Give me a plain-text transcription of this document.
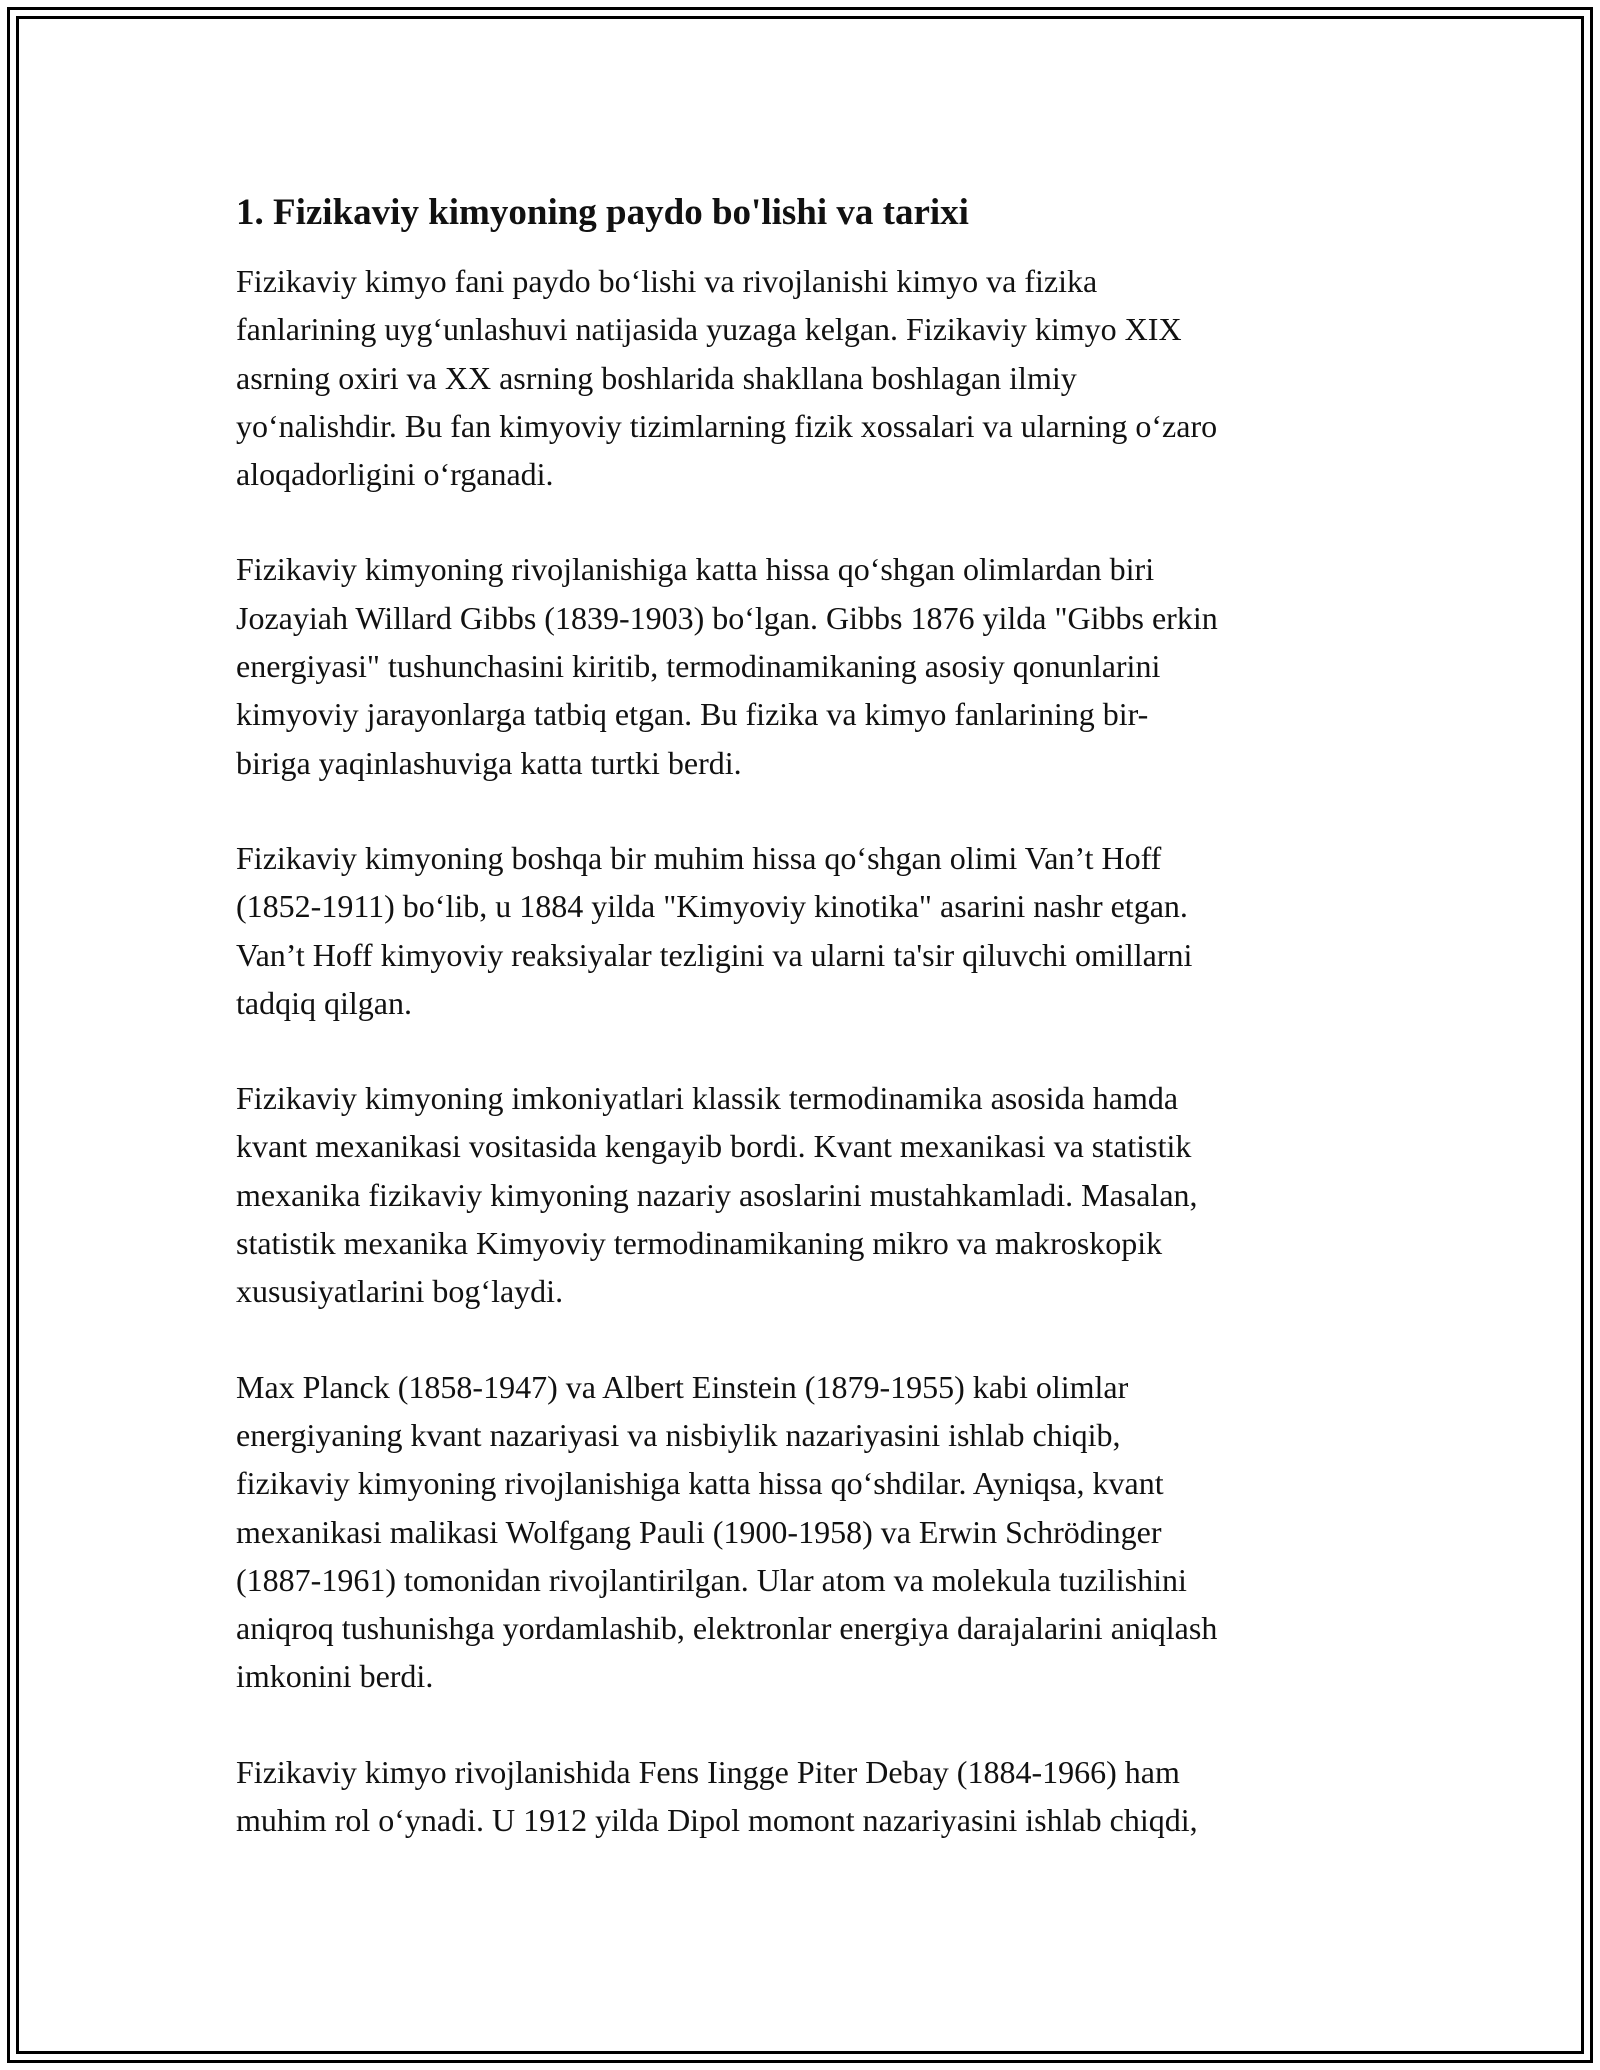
1. Fizikaviy kimyoning paydo bo'lishi va tarixi

Fizikaviy kimyo fani paydo bo‘lishi va rivojlanishi kimyo va fizika
fanlarining uyg‘unlashuvi natijasida yuzaga kelgan. Fizikaviy kimyo XIX
asrning oxiri va XX asrning boshlarida shakllana boshlagan ilmiy
yo‘nalishdir. Bu fan kimyoviy tizimlarning fizik xossalari va ularning o‘zaro
aloqadorligini o‘rganadi.

Fizikaviy kimyoning rivojlanishiga katta hissa qo‘shgan olimlardan biri
Jozayiah Willard Gibbs (1839-1903) bo‘lgan. Gibbs 1876 yilda "Gibbs erkin
energiyasi" tushunchasini kiritib, termodinamikaning asosiy qonunlarini
kimyoviy jarayonlarga tatbiq etgan. Bu fizika va kimyo fanlarining bir-
biriga yaqinlashuviga katta turtki berdi.

Fizikaviy kimyoning boshqa bir muhim hissa qo‘shgan olimi Van’t Hoff
(1852-1911) bo‘lib, u 1884 yilda "Kimyoviy kinotika" asarini nashr etgan.
Van’t Hoff kimyoviy reaksiyalar tezligini va ularni ta'sir qiluvchi omillarni
tadqiq qilgan.

Fizikaviy kimyoning imkoniyatlari klassik termodinamika asosida hamda
kvant mexanikasi vositasida kengayib bordi. Kvant mexanikasi va statistik
mexanika fizikaviy kimyoning nazariy asoslarini mustahkamladi. Masalan,
statistik mexanika Kimyoviy termodinamikaning mikro va makroskopik
xususiyatlarini bog‘laydi.

Max Planck (1858-1947) va Albert Einstein (1879-1955) kabi olimlar
energiyaning kvant nazariyasi va nisbiylik nazariyasini ishlab chiqib,
fizikaviy kimyoning rivojlanishiga katta hissa qo‘shdilar. Ayniqsa, kvant
mexanikasi malikasi Wolfgang Pauli (1900-1958) va Erwin Schrödinger
(1887-1961) tomonidan rivojlantirilgan. Ular atom va molekula tuzilishini
aniqroq tushunishga yordamlashib, elektronlar energiya darajalarini aniqlash
imkonini berdi.

Fizikaviy kimyo rivojlanishida Fens Iingge Piter Debay (1884-1966) ham
muhim rol o‘ynadi. U 1912 yilda Dipol momont nazariyasini ishlab chiqdi,
